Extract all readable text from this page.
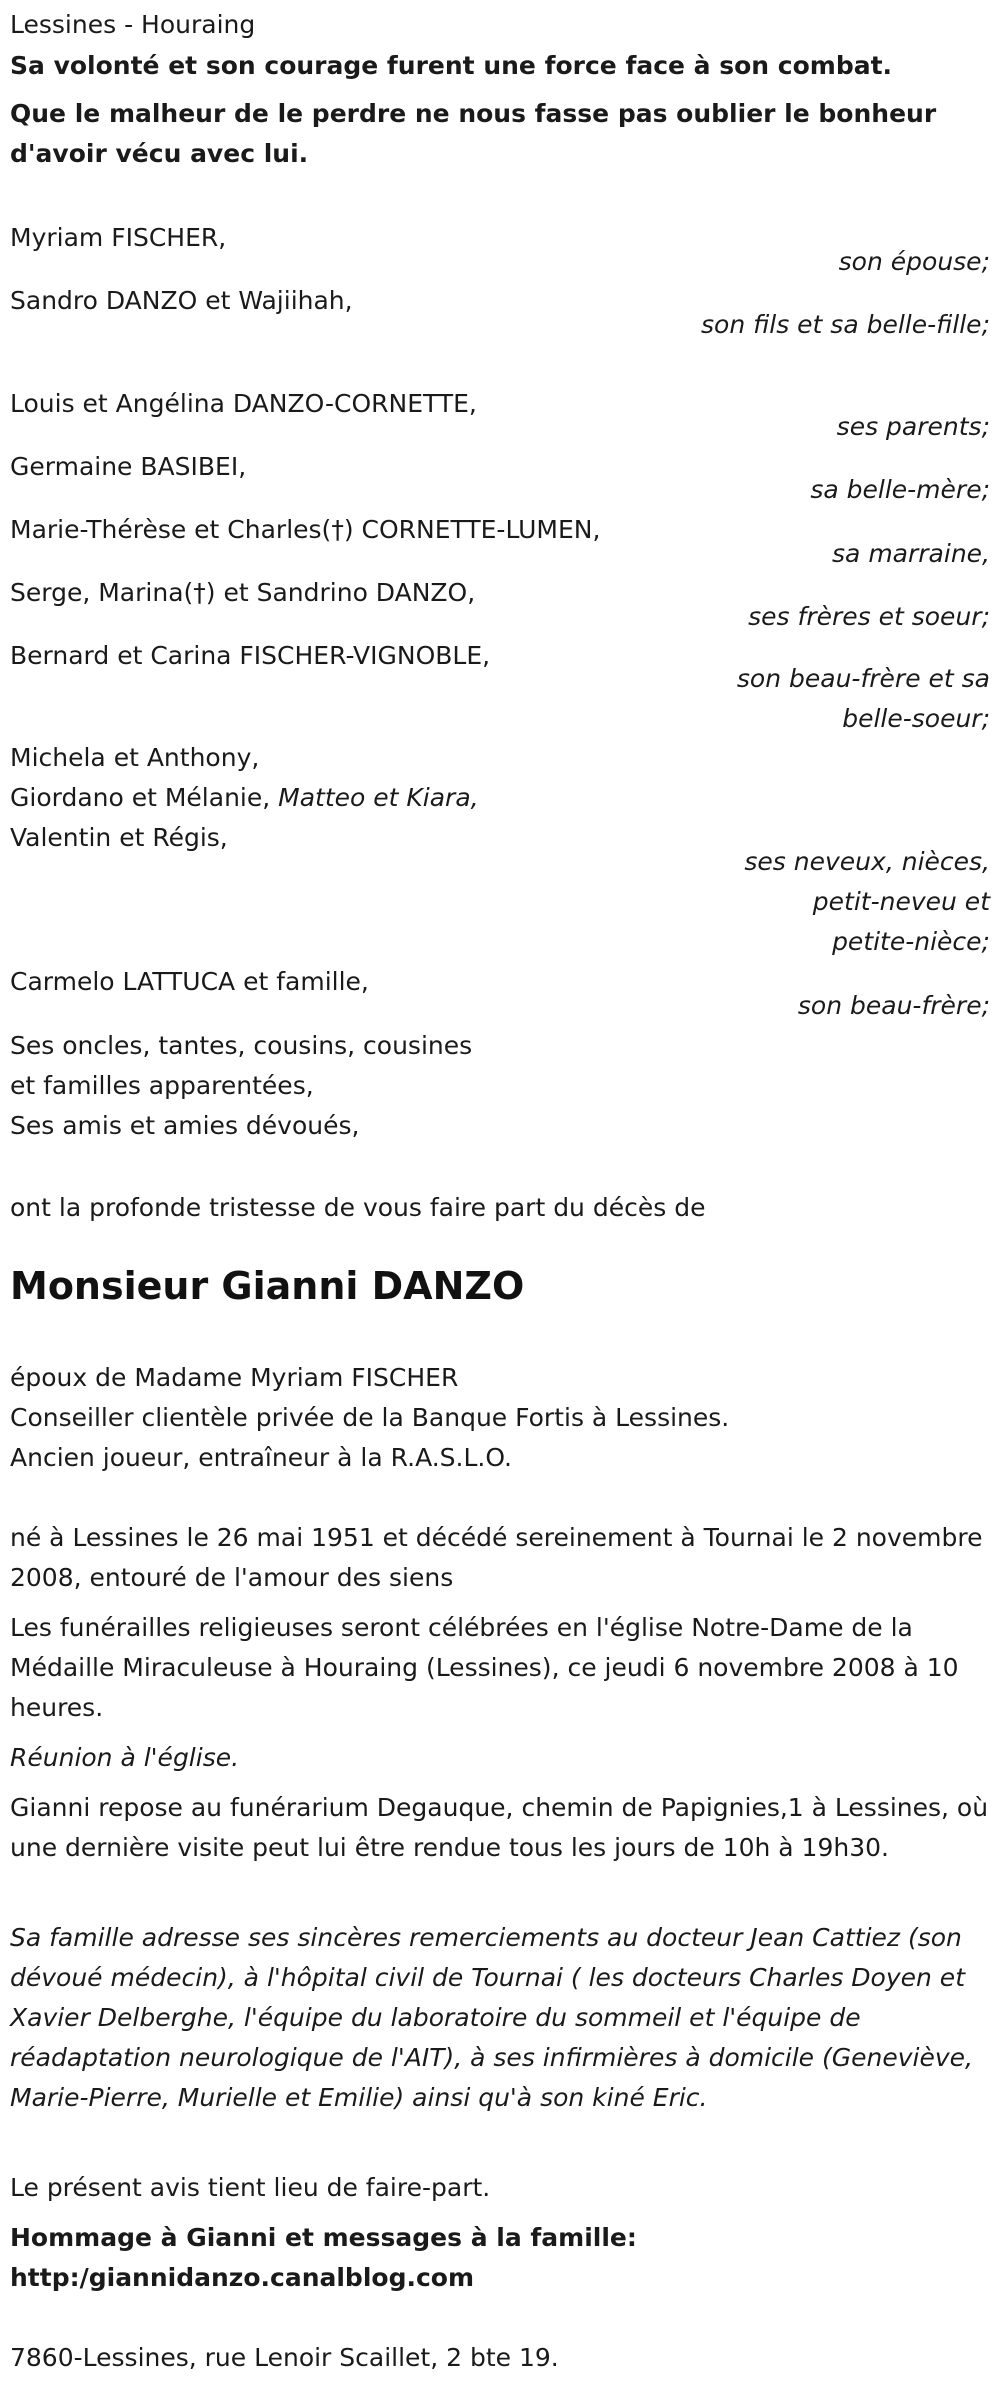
Lessines - Houraing
Sa volonté et son courage furent une force face à son combat.
Que le malheur de le perdre ne nous fasse pas oublier le bonheur d'avoir vécu avec lui.
Myriam FISCHER,
son épouse;
Sandro DANZO et Wajiihah,
son fils et sa belle-fille;
Louis et Angélina DANZO-CORNETTE,
ses parents;
Germaine BASIBEI,
sa belle-mère;
Marie-Thérèse et Charles(†) CORNETTE-LUMEN,
sa marraine,
Serge, Marina(†) et Sandrino DANZO,
ses frères et soeur;
Bernard et Carina FISCHER-VIGNOBLE,
son beau-frère et sa belle-soeur;
Michela et Anthony,
Giordano et Mélanie, Matteo et Kiara,
Valentin et Régis,
ses neveux, nièces, petit-neveu et petite-nièce;
Carmelo LATTUCA et famille,
son beau-frère;
Ses oncles, tantes, cousins, cousines
et familles apparentées,
Ses amis et amies dévoués,
ont la profonde tristesse de vous faire part du décès de
Monsieur Gianni DANZO
époux de Madame Myriam FISCHER
Conseiller clientèle privée de la Banque Fortis à Lessines.
Ancien joueur, entraîneur à la R.A.S.L.O.
né à Lessines le 26 mai 1951 et décédé sereinement à Tournai le 2 novembre 2008, entouré de l'amour des siens
Les funérailles religieuses seront célébrées en l'église Notre-Dame de la Médaille Miraculeuse à Houraing (Lessines), ce jeudi 6 novembre 2008 à 10 heures.
Réunion à l'église.
Gianni repose au funérarium Degauque, chemin de Papignies,1 à Lessines, où une dernière visite peut lui être rendue tous les jours de 10h à 19h30.
Sa famille adresse ses sincères remerciements au docteur Jean Cattiez (son dévoué médecin), à l'hôpital civil de Tournai ( les docteurs Charles Doyen et Xavier Delberghe, l'équipe du laboratoire du sommeil et l'équipe de réadaptation neurologique de l'AIT), à ses infirmières à domicile (Geneviève, Marie-Pierre, Murielle et Emilie) ainsi qu'à son kiné Eric.
Le présent avis tient lieu de faire-part.
Hommage à Gianni et messages à la famille:
http:/giannidanzo.canalblog.com
7860-Lessines, rue Lenoir Scaillet, 2 bte 19.
